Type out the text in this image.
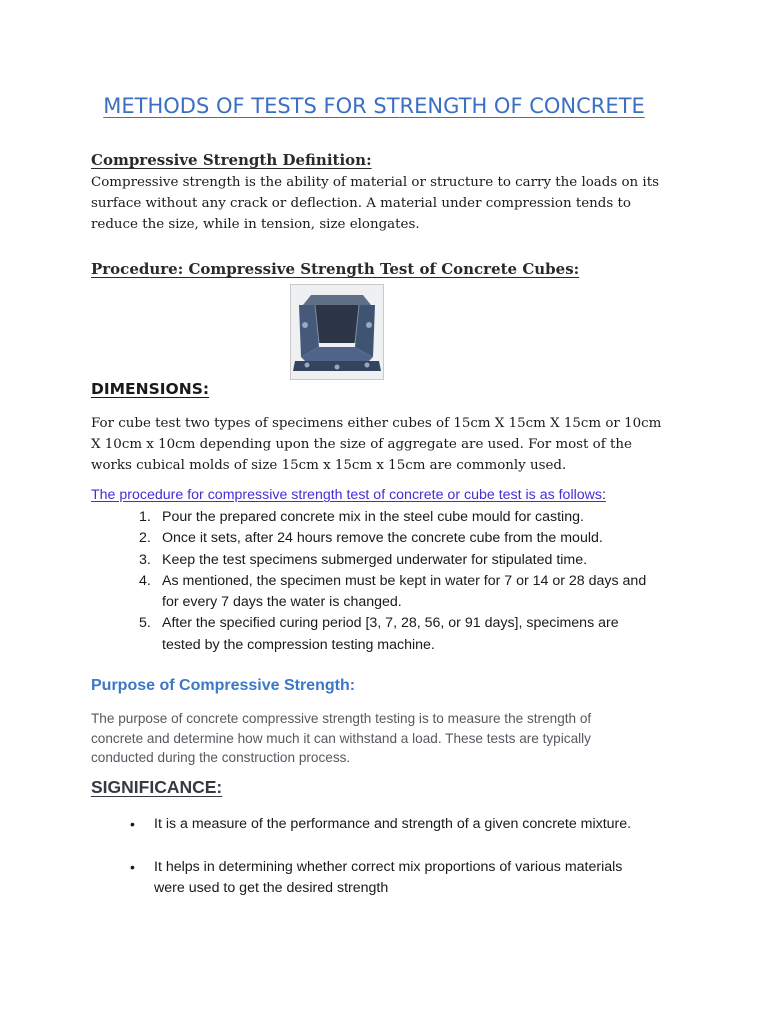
METHODS OF TESTS FOR STRENGTH OF CONCRETE
Compressive Strength Definition:
Compressive strength is the ability of material or structure to carry the loads on its
surface without any crack or deflection. A material under compression tends to
reduce the size, while in tension, size elongates.
Procedure: Compressive Strength Test of Concrete Cubes:
DIMENSIONS:
For cube test two types of specimens either cubes of 15cm X 15cm X 15cm or 10cm
X 10cm x 10cm depending upon the size of aggregate are used. For most of the
works cubical molds of size 15cm x 15cm x 15cm are commonly used.
The procedure for compressive strength test of concrete or cube test is as follows:
1. Pour the prepared concrete mix in the steel cube mould for casting.
2. Once it sets, after 24 hours remove the concrete cube from the mould.
3. Keep the test specimens submerged underwater for stipulated time.
4. As mentioned, the specimen must be kept in water for 7 or 14 or 28 days and
for every 7 days the water is changed.
5. After the specified curing period [3, 7, 28, 56, or 91 days], specimens are
tested by the compression testing machine.
Purpose of Compressive Strength:
The purpose of concrete compressive strength testing is to measure the strength of
concrete and determine how much it can withstand a load. These tests are typically
conducted during the construction process.
SIGNIFICANCE:
• It is a measure of the performance and strength of a given concrete mixture.
• It helps in determining whether correct mix proportions of various materials
were used to get the desired strength
